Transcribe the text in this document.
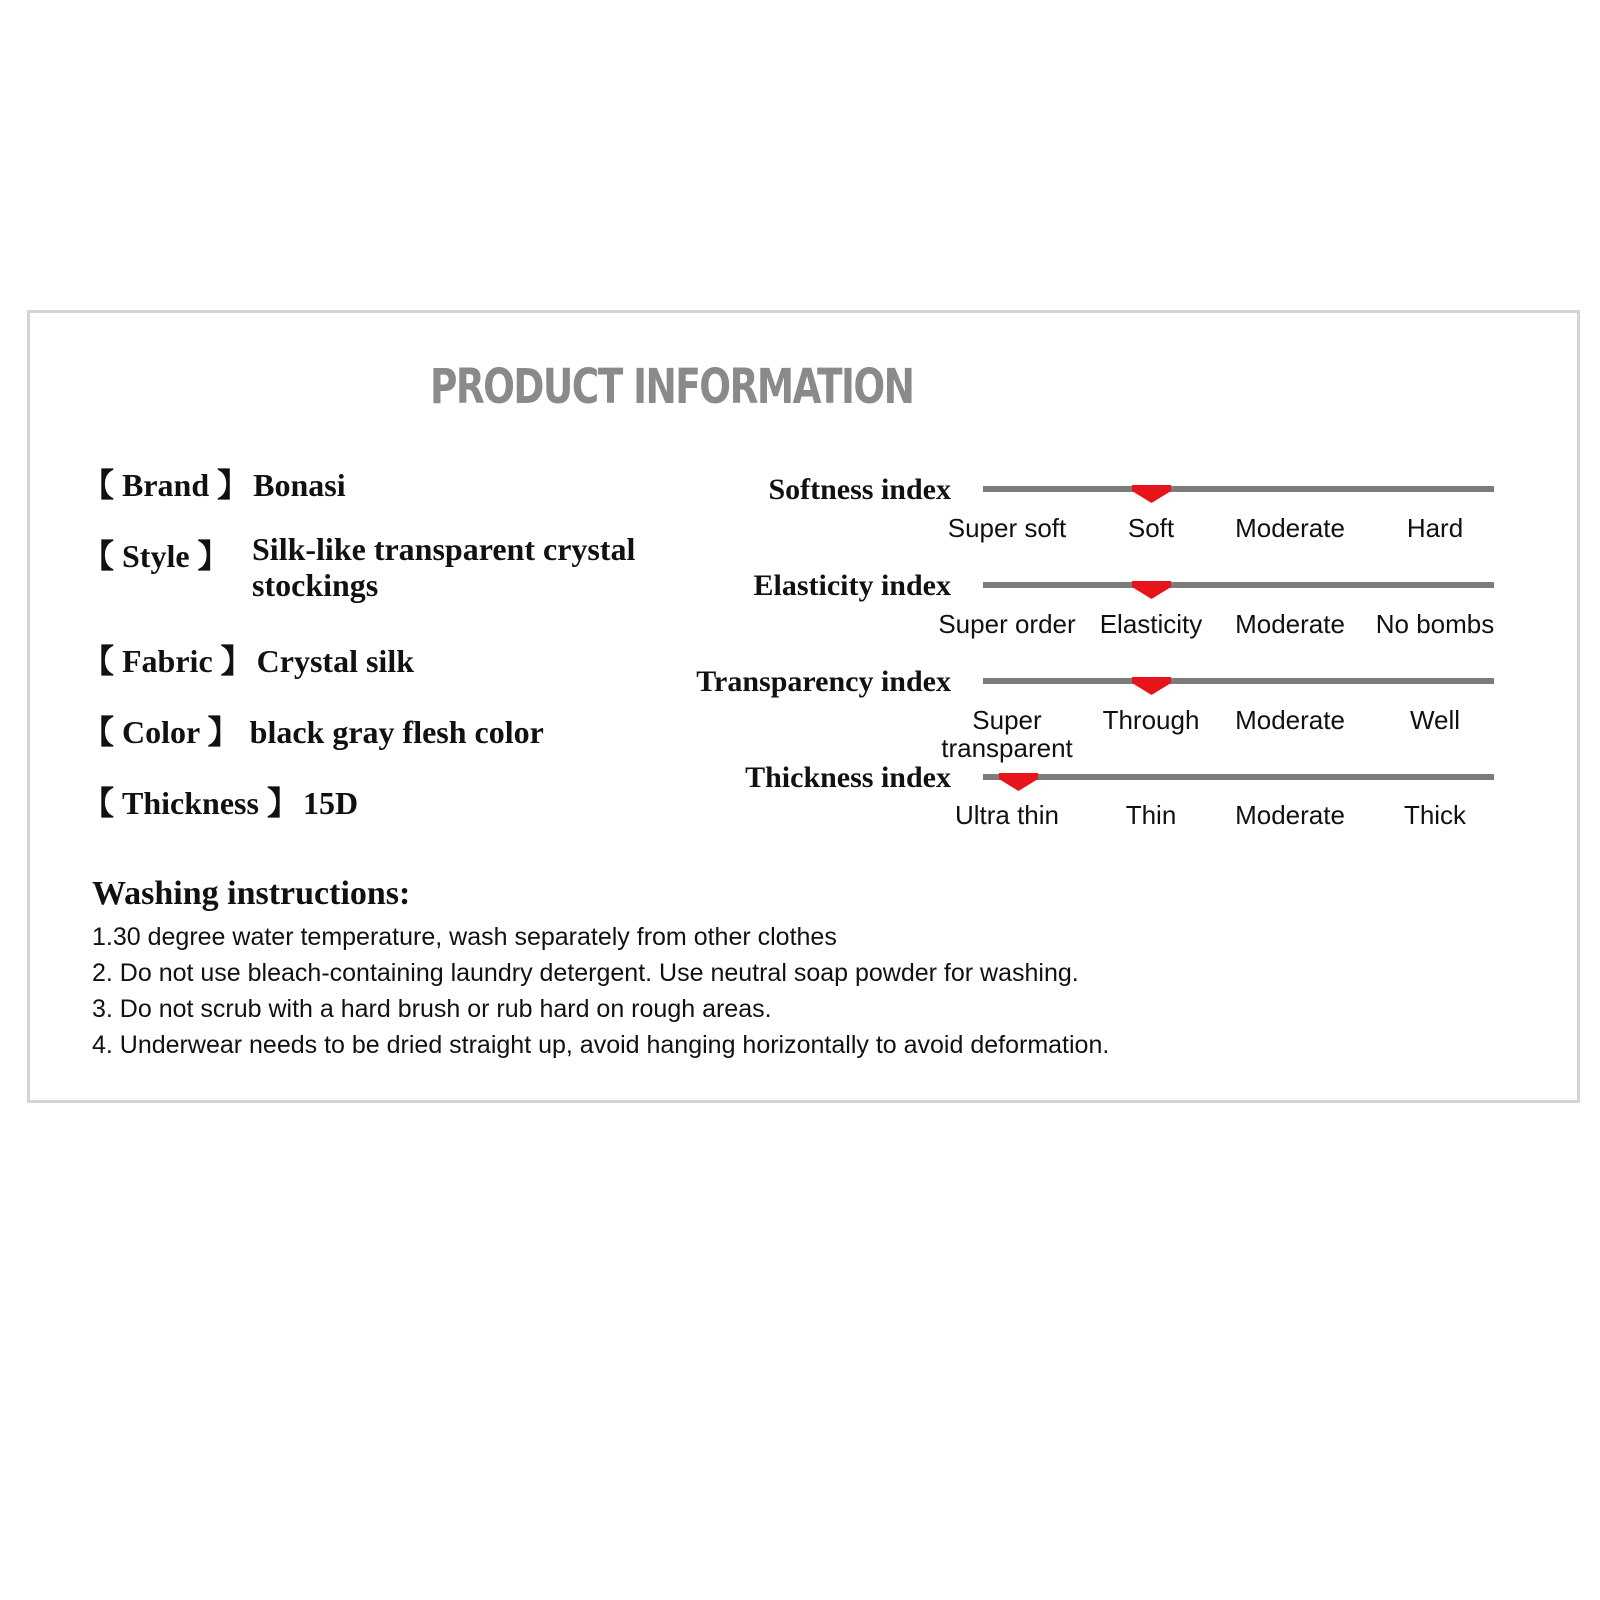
PRODUCT INFORMATION
【 Brand 】 Bonasi
【 Style 】 Silk-like transparent crystal stockings
【 Fabric 】 Crystal silk
【 Color 】 black gray flesh color
【 Thickness 】 15D
Softness index
Super soft	Soft	Moderate	Hard
Elasticity index
Super order Elasticity	Moderate	No bombs
Transparency index
Super transparent
Through	Moderate	Well
Thickness index
Ultra thin	Thin	Moderate	Thick
Washing instructions:
1.30 degree water temperature, wash separately from other clothes
2. Do not use bleach-containing laundry detergent. Use neutral soap powder for washing.
3. Do not scrub with a hard brush or rub hard on rough areas.
4. Underwear needs to be dried straight up, avoid hanging horizontally to avoid deformation.
